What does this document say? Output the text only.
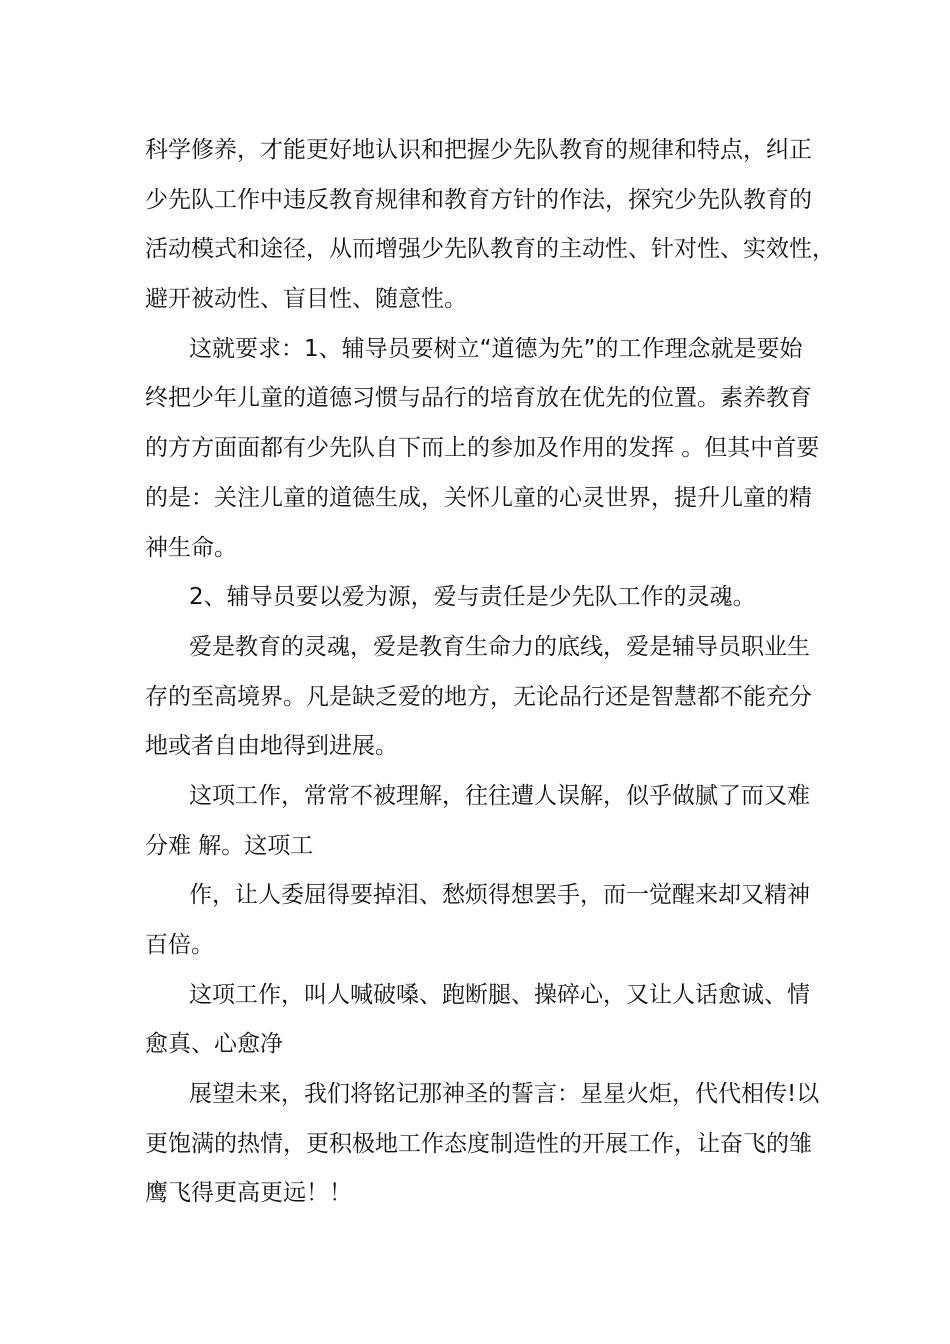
科学修养，才能更好地认识和把握少先队教育的规律和特点，纠正
少先队工作中违反教育规律和教育方针的作法，探究少先队教育的
活动模式和途径，从而增强少先队教育的主动性、针对性、实效性，
避开被动性、盲目性、随意性。
这就要求：1、辅导员要树立“道德为先”的工作理念就是要始
终把少年儿童的道德习惯与品行的培育放在优先的位置。素养教育
的方方面面都有少先队自下而上的参加及作用的发挥 。但其中首要
的是：关注儿童的道德生成，关怀儿童的心灵世界，提升儿童的精
神生命。
2、辅导员要以爱为源，爱与责任是少先队工作的灵魂。
爱是教育的灵魂，爱是教育生命力的底线，爱是辅导员职业生
存的至高境界。凡是缺乏爱的地方，无论品行还是智慧都不能充分
地或者自由地得到进展。
这项工作，常常不被理解，往往遭人误解，似乎做腻了而又难
分难 解。这项工
作，让人委屈得要掉泪、愁烦得想罢手，而一觉醒来却又精神
百倍。
这项工作，叫人喊破嗓、跑断腿、操碎心，又让人话愈诚、情
愈真、心愈净
展望未来，我们将铭记那神圣的誓言：星星火炬，代代相传!以
更饱满的热情，更积极地工作态度制造性的开展工作，让奋飞的雏
鹰飞得更高更远！！
